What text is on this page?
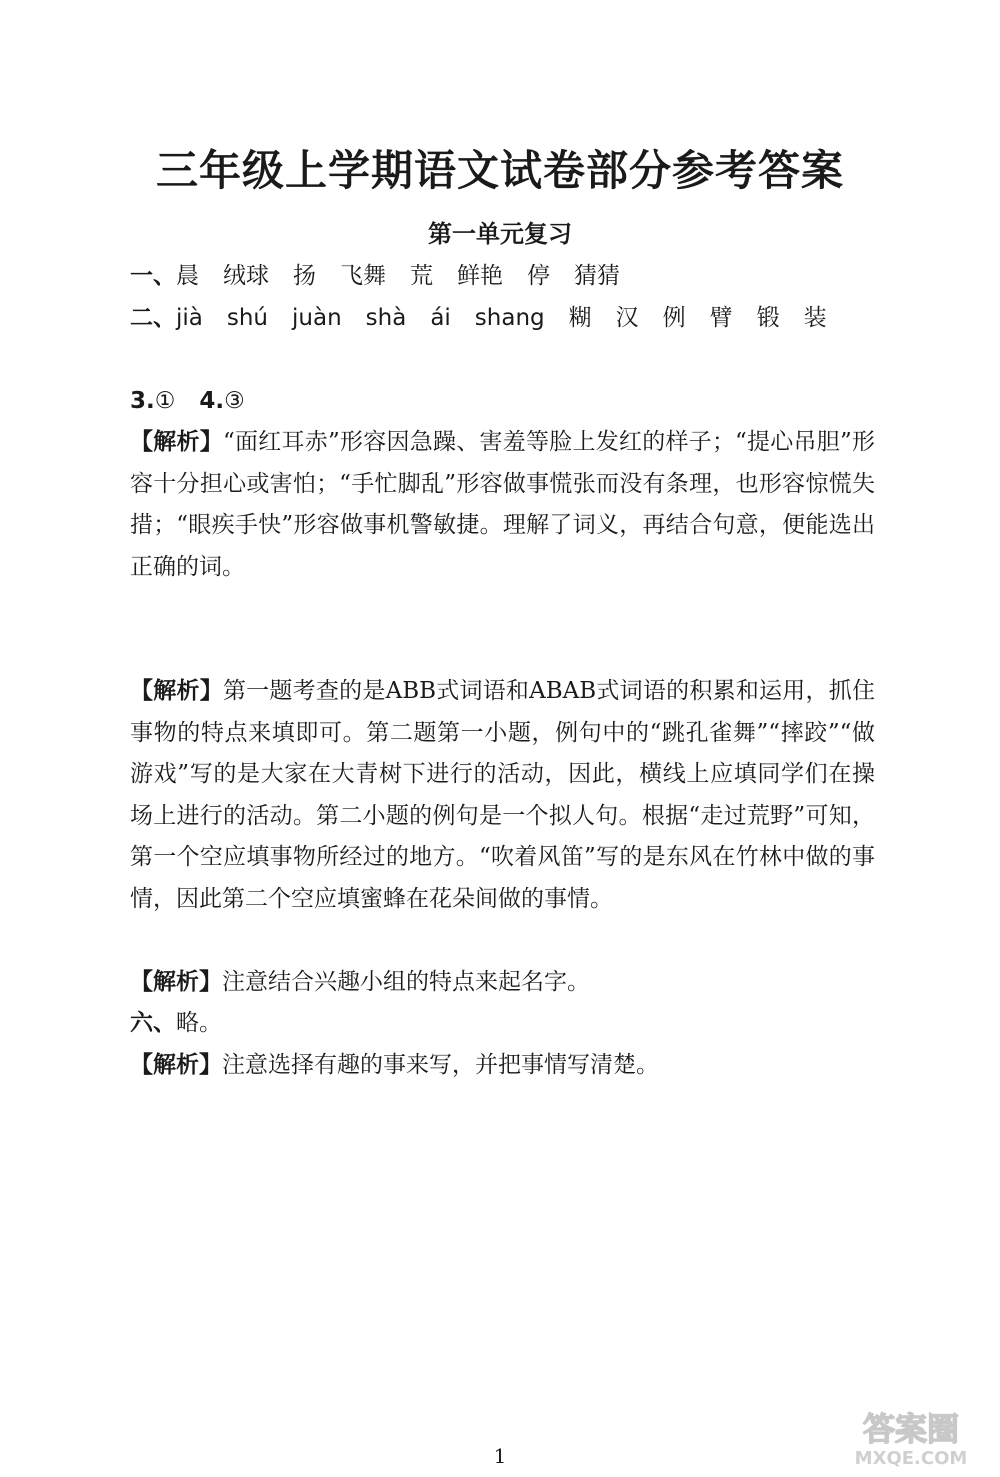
三年级上学期语文试卷部分参考答案
第一单元复习
一、晨 绒球 扬 飞舞 荒 鲜艳 停 猜猜
二、jià shú juàn shà ái shang 糊 汉 例 臂 锻 装

3.① 4.③
【解析】“面红耳赤”形容因急躁、害羞等脸上发红的样子；“提心吊胆”形容十分担心或害怕；“手忙脚乱”形容做事慌张而没有条理，也形容惊慌失措；“眼疾手快”形容做事机警敏捷。理解了词义，再结合句意，便能选出正确的词。

【解析】第一题考查的是ABB式词语和ABAB式词语的积累和运用，抓住事物的特点来填即可。第二题第一小题，例句中的“跳孔雀舞”“摔跤”“做游戏”写的是大家在大青树下进行的活动，因此，横线上应填同学们在操场上进行的活动。第二小题的例句是一个拟人句。根据“走过荒野”可知，第一个空应填事物所经过的地方。“吹着风笛”写的是东风在竹林中做的事情，因此第二个空应填蜜蜂在花朵间做的事情。

【解析】注意结合兴趣小组的特点来起名字。
六、略。
【解析】注意选择有趣的事来写，并把事情写清楚。

1
答案圈
MXQE.COM
